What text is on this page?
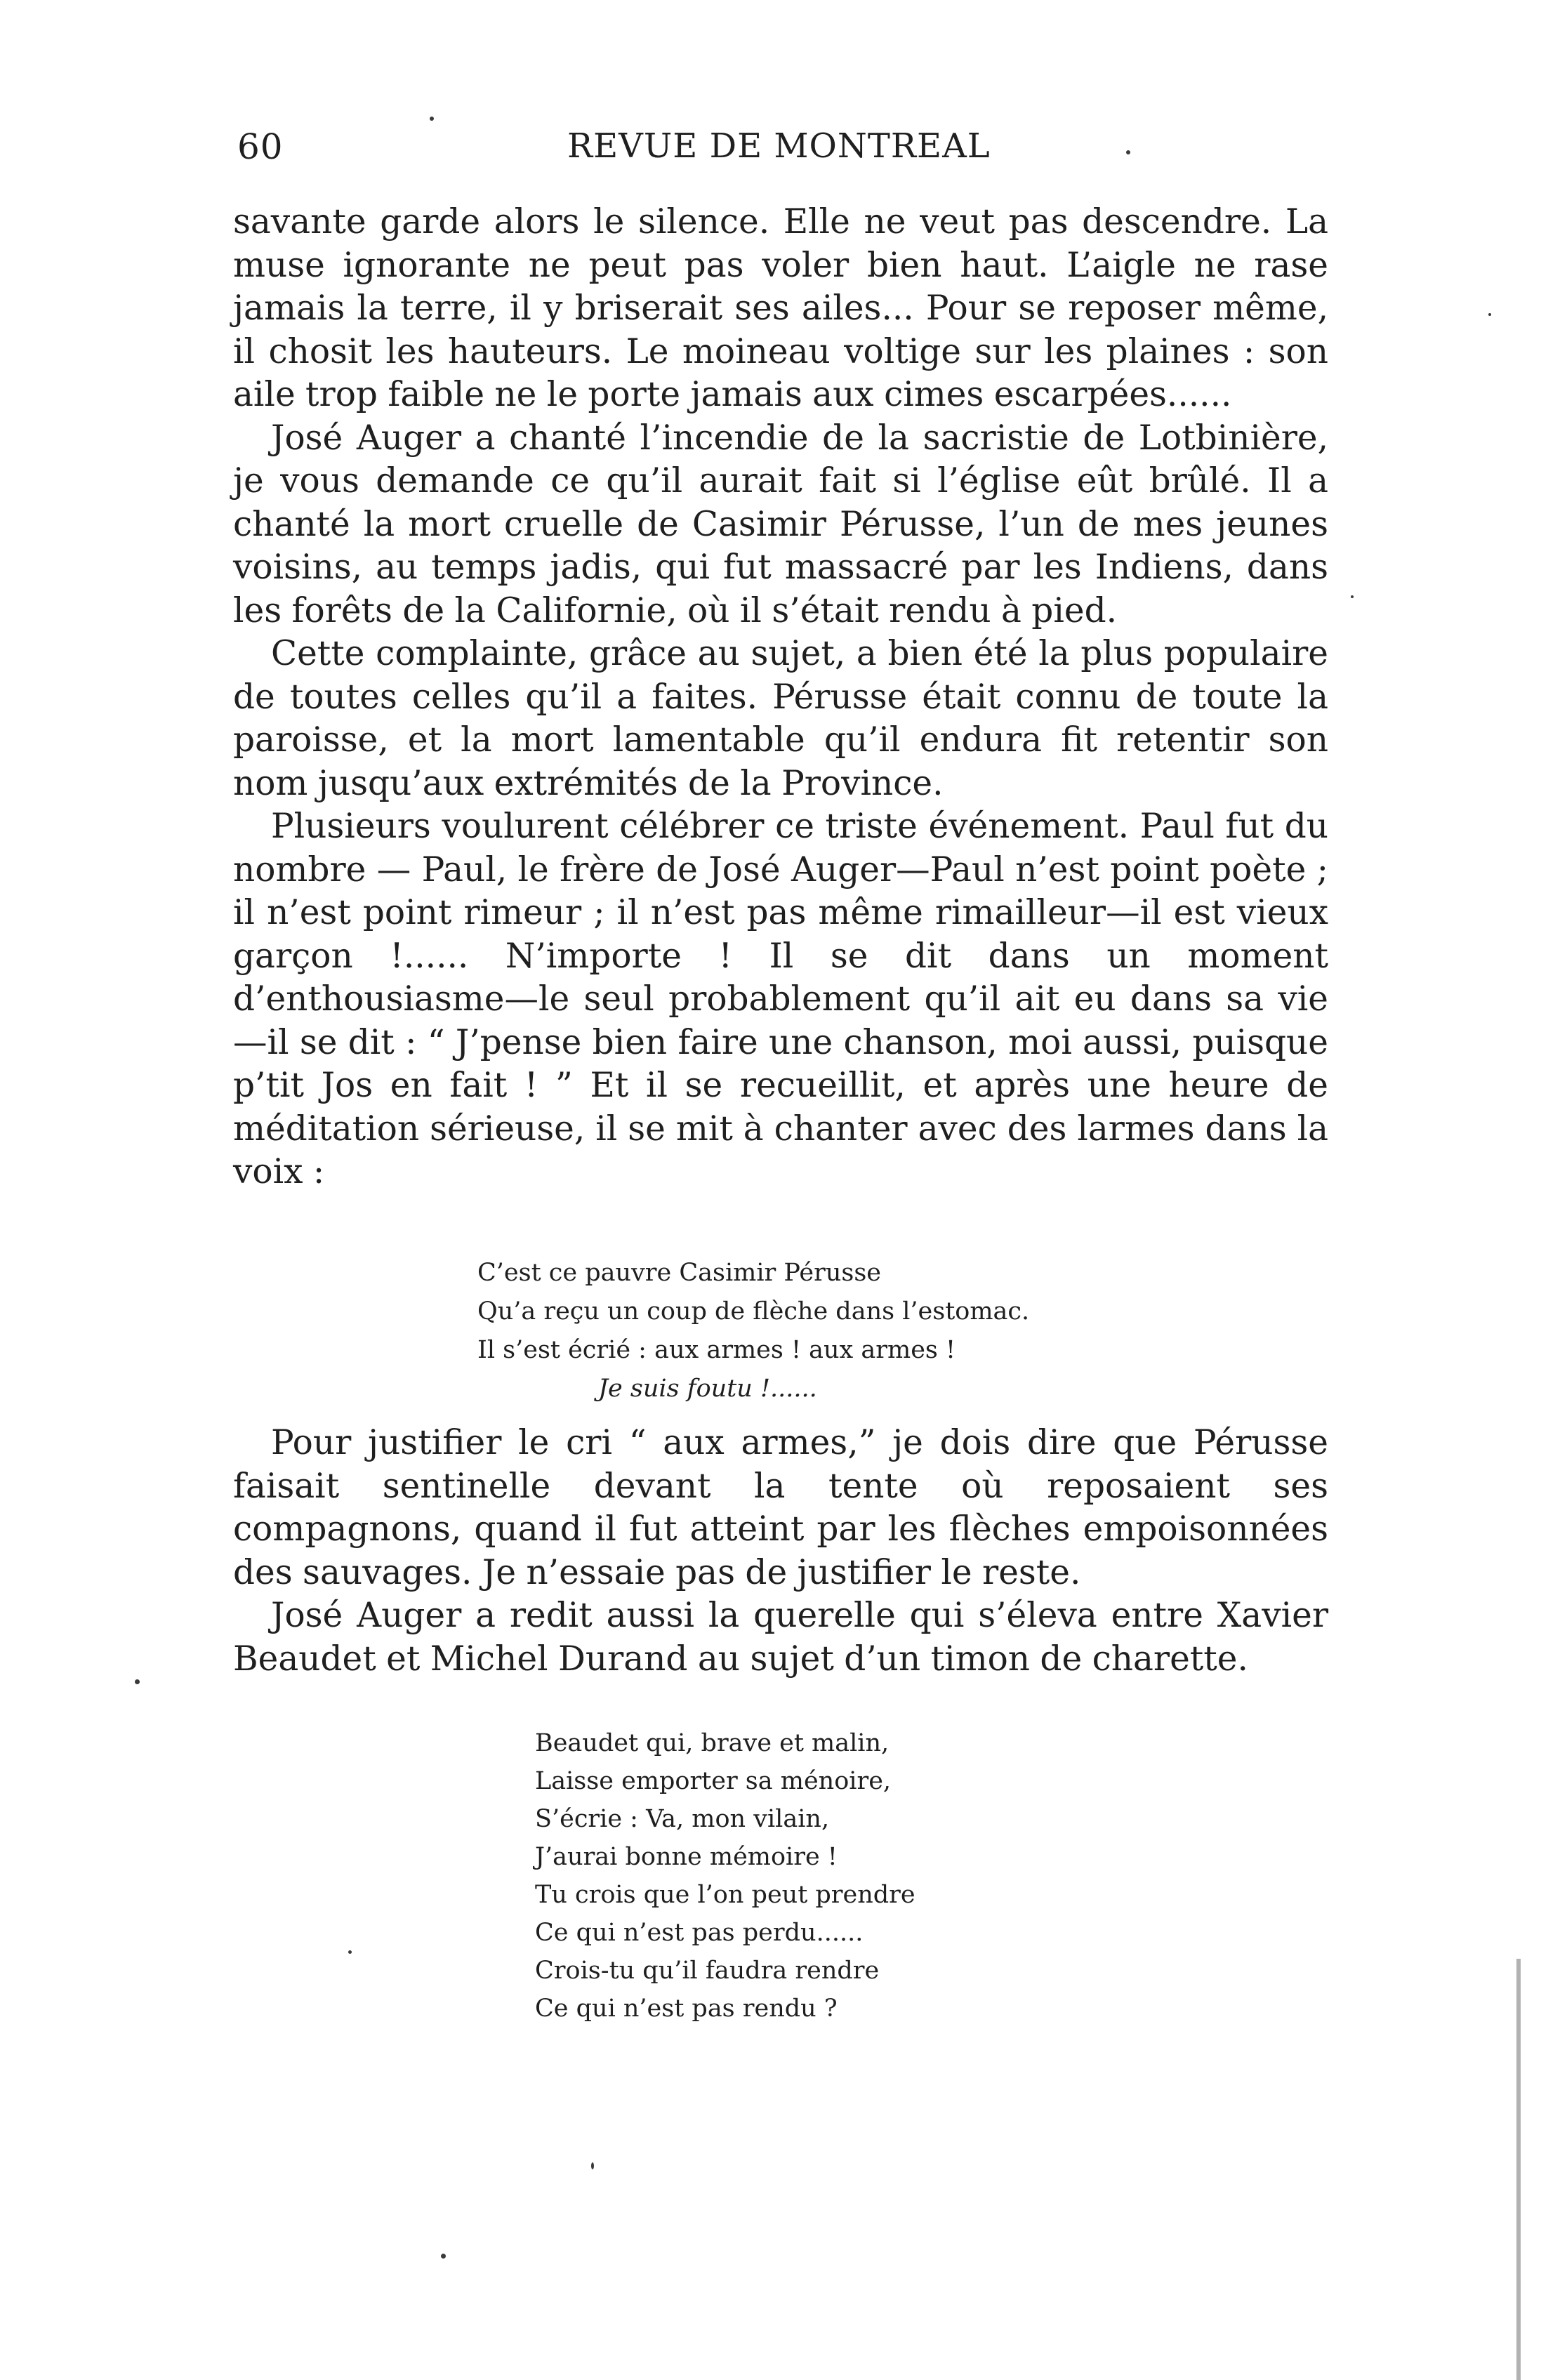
60	REVUE DE MONTREAL

savante garde alors le silence. Elle ne veut pas descendre. La muse ignorante ne peut pas voler bien haut. L’aigle ne rase jamais la terre, il y briserait ses ailes... Pour se reposer même, il chosit les hauteurs. Le moineau voltige sur les plaines : son aile trop faible ne le porte jamais aux cimes escarpées......

José Auger a chanté l’incendie de la sacristie de Lotbinière, je vous demande ce qu’il aurait fait si l’église eût brûlé. Il a chanté la mort cruelle de Casimir Pérusse, l’un de mes jeunes voisins, au temps jadis, qui fut massacré par les Indiens, dans les forêts de la Californie, où il s’était rendu à pied.

Cette complainte, grâce au sujet, a bien été la plus populaire de toutes celles qu’il a faites. Pérusse était connu de toute la paroisse, et la mort lamentable qu’il endura fit retentir son nom jusqu’aux extrémités de la Province.

Plusieurs voulurent célébrer ce triste événement. Paul fut du nombre — Paul, le frère de José Auger—Paul n’est point poète ; il n’est point rimeur ; il n’est pas même rimailleur—il est vieux garçon !...... N’importe ! Il se dit dans un moment d’enthousiasme—le seul probablement qu’il ait eu dans sa vie—il se dit : “ J’pense bien faire une chanson, moi aussi, puisque p’tit Jos en fait ! ” Et il se recueillit, et après une heure de méditation sérieuse, il se mit à chanter avec des larmes dans la voix :

C’est ce pauvre Casimir Pérusse
Qu’a reçu un coup de flèche dans l’estomac.
Il s’est écrié : aux armes ! aux armes !
Je suis foutu !......

Pour justifier le cri “ aux armes,” je dois dire que Pérusse faisait sentinelle devant la tente où reposaient ses compagnons, quand il fut atteint par les flèches empoisonnées des sauvages. Je n’essaie pas de justifier le reste.

José Auger a redit aussi la querelle qui s’éleva entre Xavier Beaudet et Michel Durand au sujet d’un timon de charette.

Beaudet qui, brave et malin,
Laisse emporter sa ménoire,
S’écrie : Va, mon vilain,
J’aurai bonne mémoire !
Tu crois que l’on peut prendre
Ce qui n’est pas perdu......
Crois-tu qu’il faudra rendre
Ce qui n’est pas rendu ?
